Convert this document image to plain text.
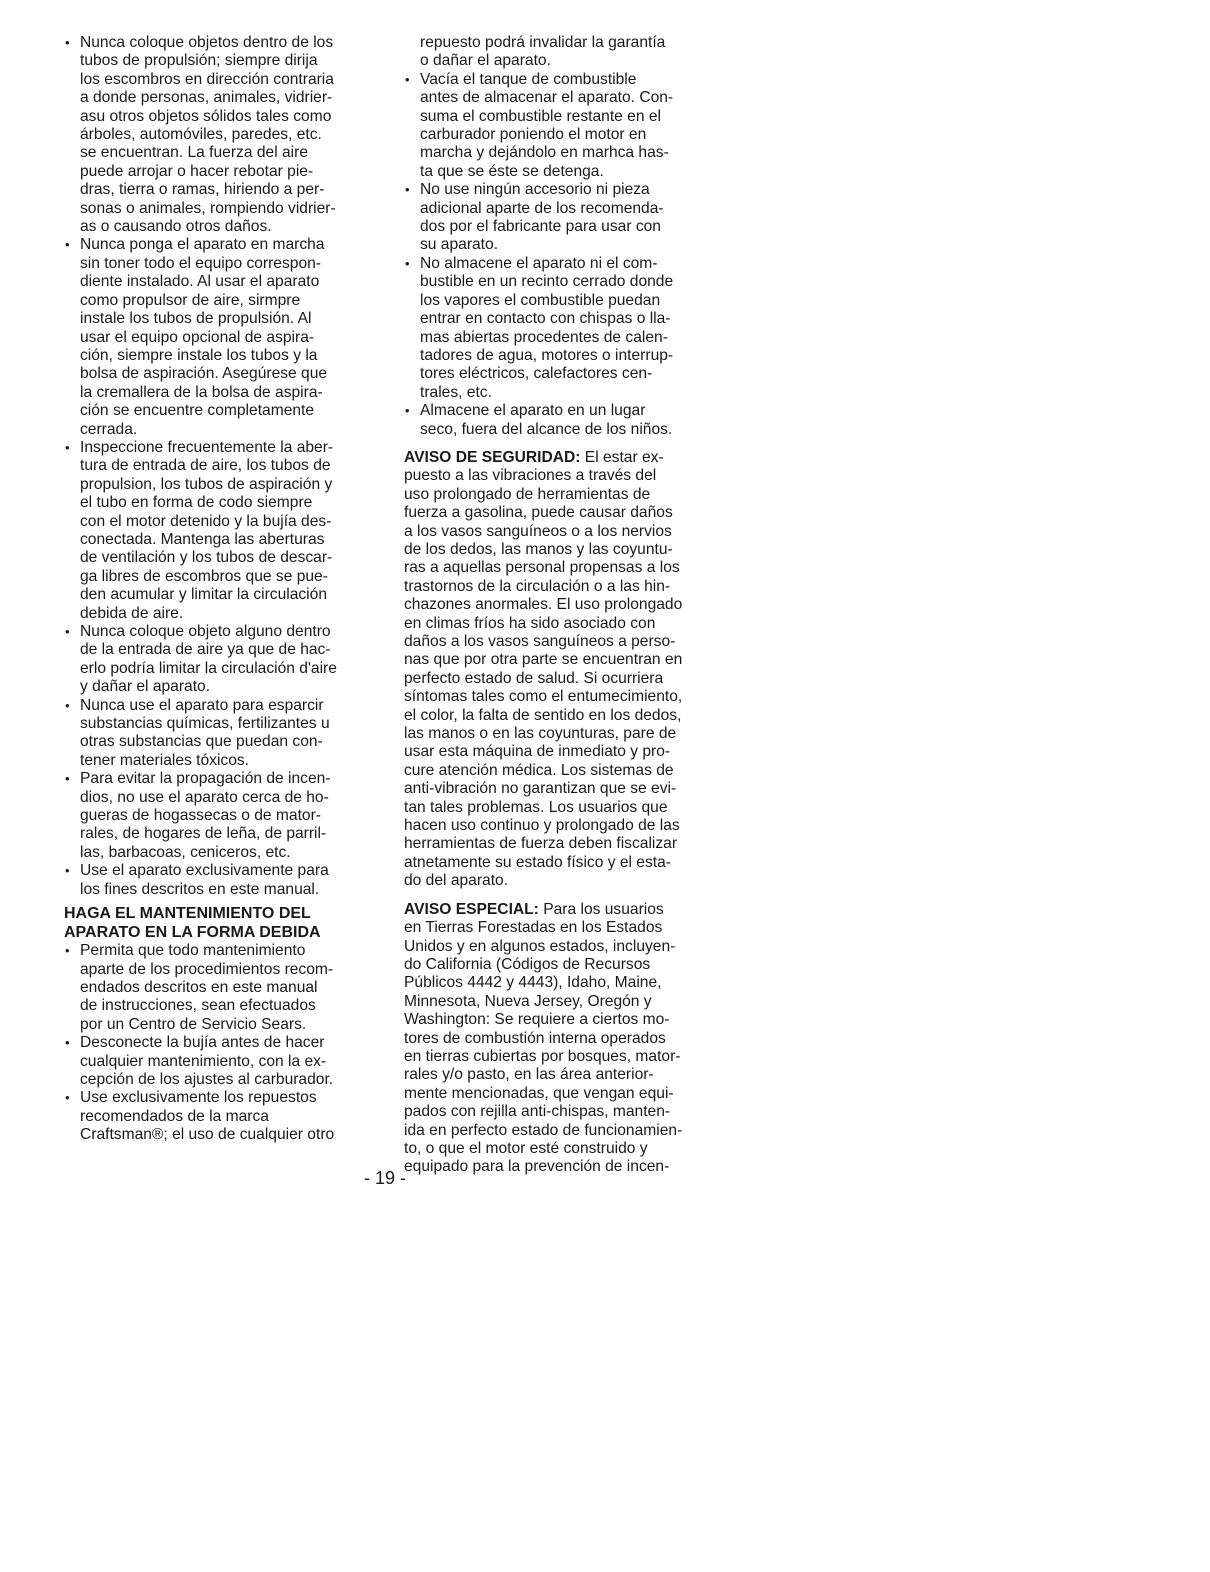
• Nunca coloque objetos dentro de los
tubos de propulsión; siempre dirija
los escombros en dirección contraria
a donde personas, animales, vidrier-
asu otros objetos sólidos tales como
árboles, automóviles, paredes, etc.
se encuentran. La fuerza del aire
puede arrojar o hacer rebotar pie-
dras, tierra o ramas, hiriendo a per-
sonas o animales, rompiendo vidrier-
as o causando otros daños.
• Nunca ponga el aparato en marcha
sin toner todo el equipo correspon-
diente instalado. Al usar el aparato
como propulsor de aire, sirmpre
instale los tubos de propulsión. Al
usar el equipo opcional de aspira-
ción, siempre instale los tubos y la
bolsa de aspiración. Asegúrese que
la cremallera de la bolsa de aspira-
ción se encuentre completamente
cerrada.
• Inspeccione frecuentemente la aber-
tura de entrada de aire, los tubos de
propulsion, los tubos de aspiración y
el tubo en forma de codo siempre
con el motor detenido y la bujía des-
conectada. Mantenga las aberturas
de ventilación y los tubos de descar-
ga libres de escombros que se pue-
den acumular y limitar la circulación
debida de aire.
• Nunca coloque objeto alguno dentro
de la entrada de aire ya que de hac-
erlo podría limitar la circulación d'aire
y dañar el aparato.
• Nunca use el aparato para esparcir
substancias químicas, fertilizantes u
otras substancias que puedan con-
tener materiales tóxicos.
• Para evitar la propagación de incen-
dios, no use el aparato cerca de ho-
gueras de hogassecas o de mator-
rales, de hogares de leña, de parril-
las, barbacoas, ceniceros, etc.
• Use el aparato exclusivamente para
los fines descritos en este manual.
HAGA EL MANTENIMIENTO DEL
APARATO EN LA FORMA DEBIDA
• Permita que todo mantenimiento
aparte de los procedimientos recom-
endados descritos en este manual
de instrucciones, sean efectuados
por un Centro de Servicio Sears.
• Desconecte la bujía antes de hacer
cualquier mantenimiento, con la ex-
cepción de los ajustes al carburador.
• Use exclusivamente los repuestos
recomendados de la marca
Craftsman®; el uso de cualquier otro
repuesto podrá invalidar la garantía
o dañar el aparato.
• Vacía el tanque de combustible
antes de almacenar el aparato. Con-
suma el combustible restante en el
carburador poniendo el motor en
marcha y dejándolo en marhca has-
ta que se éste se detenga.
• No use ningún accesorio ni pieza
adicional aparte de los recomenda-
dos por el fabricante para usar con
su aparato.
• No almacene el aparato ni el com-
bustible en un recinto cerrado donde
los vapores el combustible puedan
entrar en contacto con chispas o lla-
mas abiertas procedentes de calen-
tadores de agua, motores o interrup-
tores eléctricos, calefactores cen-
trales, etc.
• Almacene el aparato en un lugar
seco, fuera del alcance de los niños.
AVISO DE SEGURIDAD: El estar ex-
puesto a las vibraciones a través del
uso prolongado de herramientas de
fuerza a gasolina, puede causar daños
a los vasos sanguíneos o a los nervios
de los dedos, las manos y las coyuntu-
ras a aquellas personal propensas a los
trastornos de la circulación o a las hin-
chazones anormales. El uso prolongado
en climas fríos ha sido asociado con
daños a los vasos sanguíneos a perso-
nas que por otra parte se encuentran en
perfecto estado de salud. Si ocurriera
síntomas tales como el entumecimiento,
el color, la falta de sentido en los dedos,
las manos o en las coyunturas, pare de
usar esta máquina de inmediato y pro-
cure atención médica. Los sistemas de
anti-vibración no garantizan que se evi-
tan tales problemas. Los usuarios que
hacen uso continuo y prolongado de las
herramientas de fuerza deben fiscalizar
atnetamente su estado físico y el esta-
do del aparato.
AVISO ESPECIAL: Para los usuarios
en Tierras Forestadas en los Estados
Unidos y en algunos estados, incluyen-
do California (Códigos de Recursos
Públicos 4442 y 4443), Idaho, Maine,
Minnesota, Nueva Jersey, Oregón y
Washington: Se requiere a ciertos mo-
tores de combustión interna operados
en tierras cubiertas por bosques, mator-
rales y/o pasto, en las área anterior-
mente mencionadas, que vengan equi-
pados con rejilla anti-chispas, manten-
ida en perfecto estado de funcionamien-
to, o que el motor esté construido y
equipado para la prevención de incen-
- 19 -
